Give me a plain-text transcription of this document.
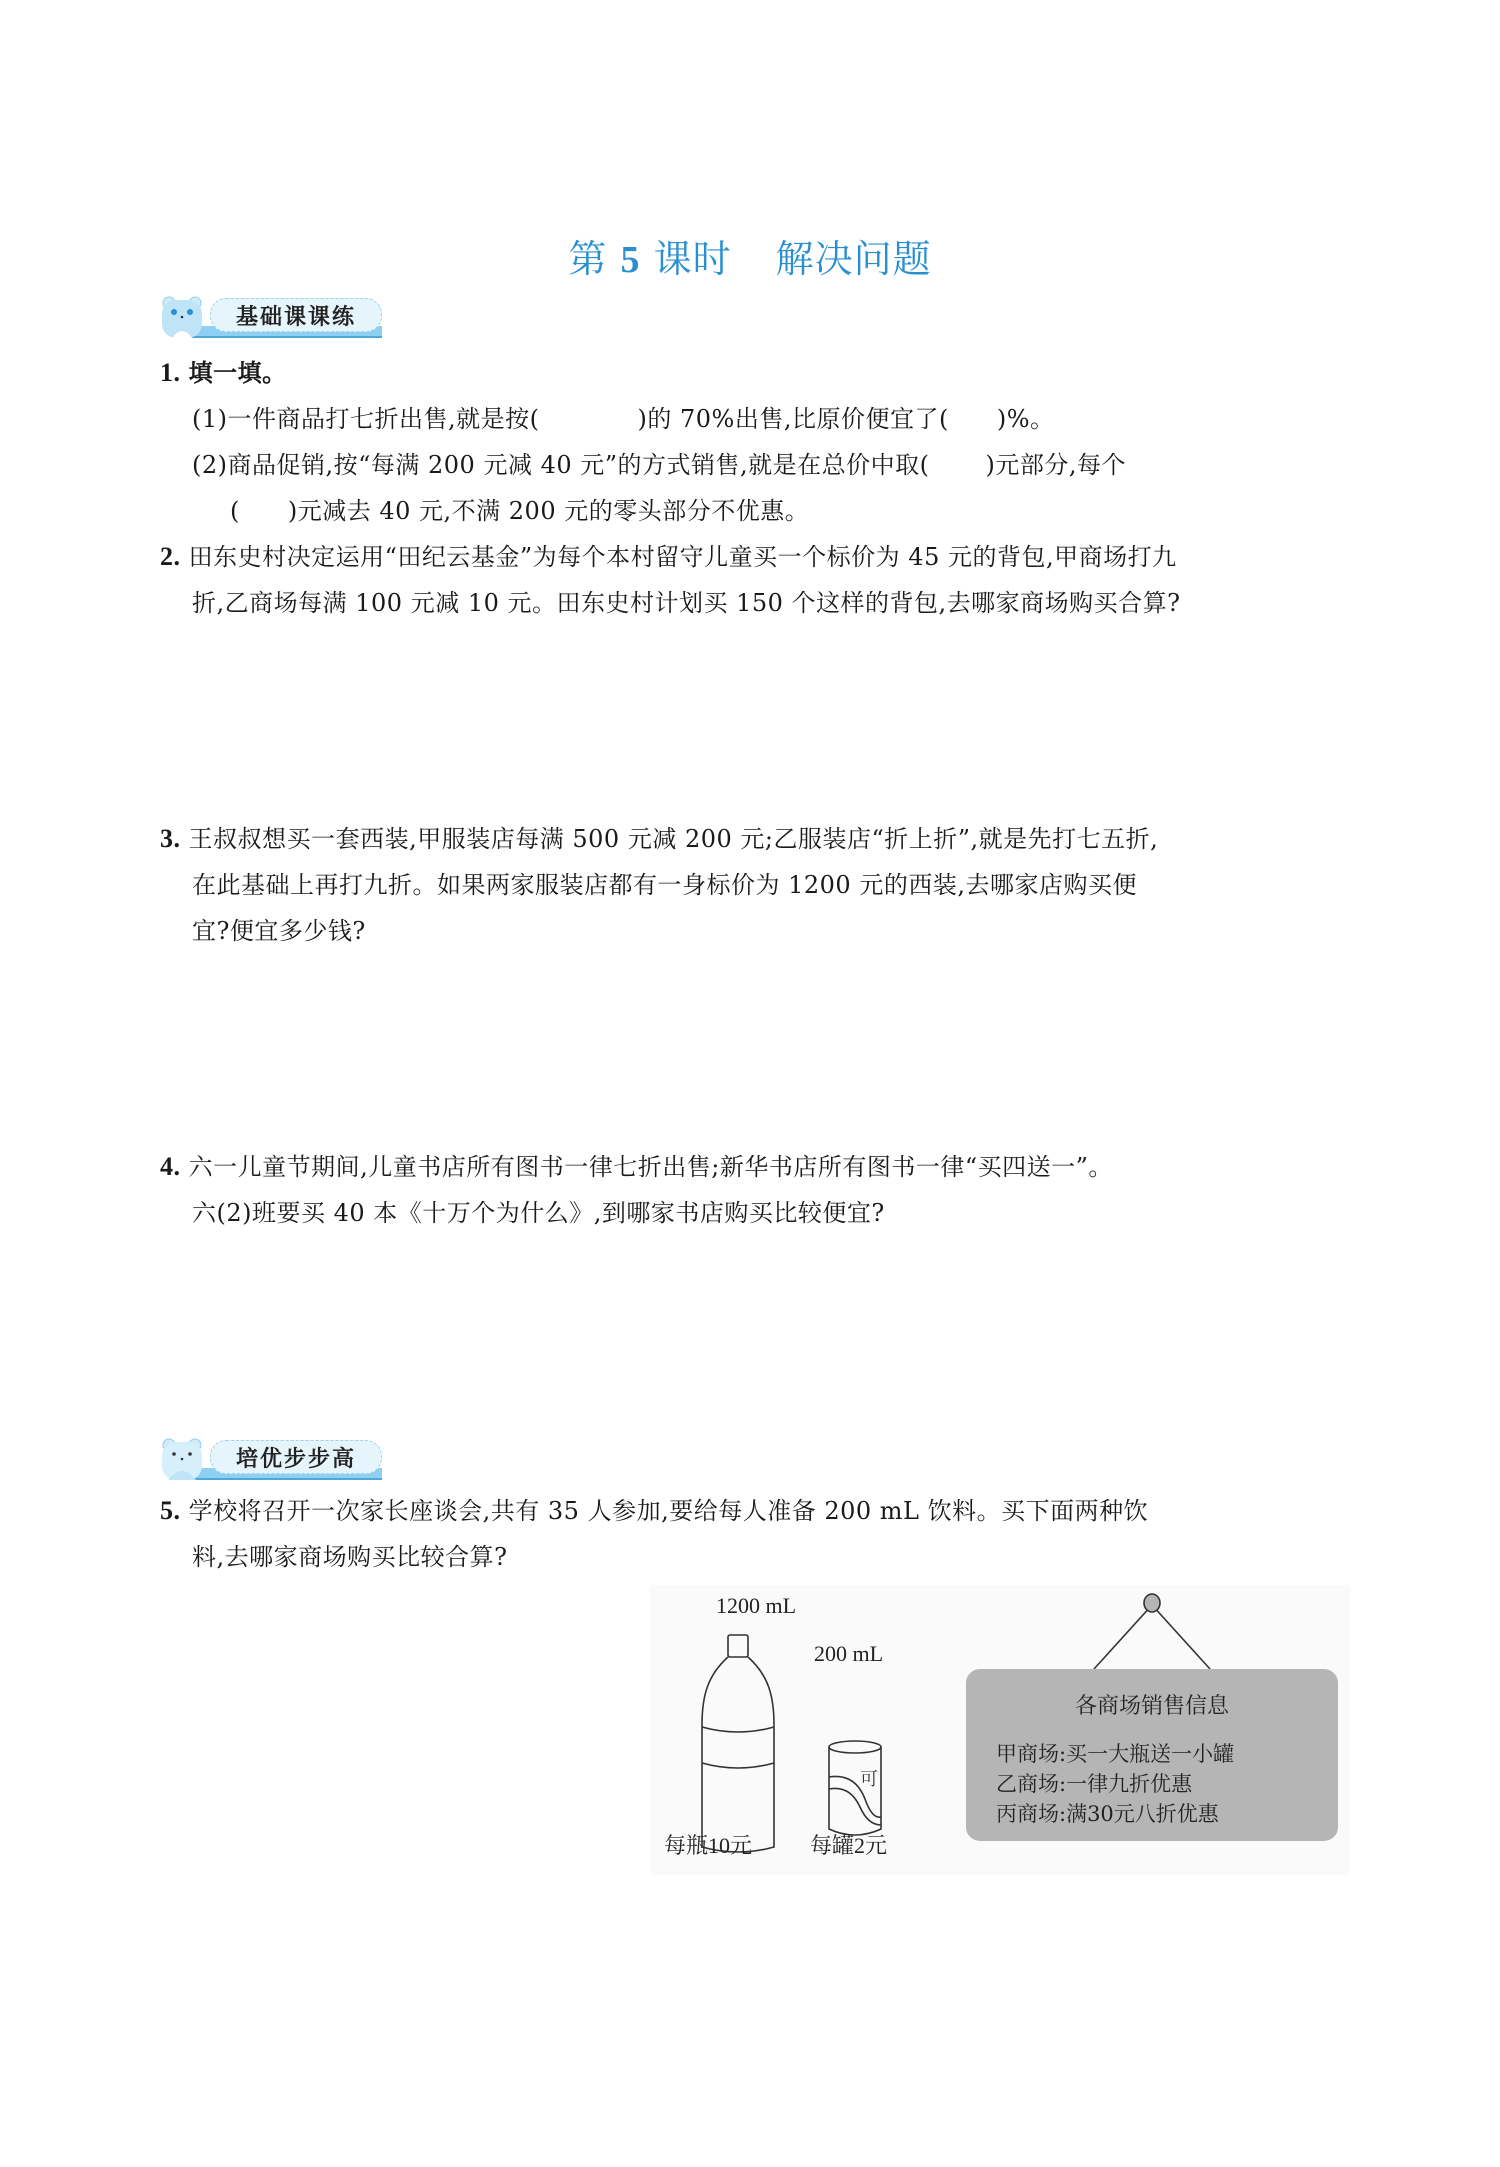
第 5 课时 解决问题
基础课课练
1. 填一填。
(1)一件商品打七折出售,就是按(	)的 70%出售,比原价便宜了( )%。
(2)商品促销,按“每满 200 元减 40 元”的方式销售,就是在总价中取( )元部分,每个
( )元减去 40 元,不满 200 元的零头部分不优惠。
2. 田东史村决定运用“田纪云基金”为每个本村留守儿童买一个标价为 45 元的背包,甲商场打九
折,乙商场每满 100 元减 10 元。田东史村计划买 150 个这样的背包,去哪家商场购买合算?
3. 王叔叔想买一套西装,甲服装店每满 500 元减 200 元;乙服装店“折上折”,就是先打七五折,
在此基础上再打九折。如果两家服装店都有一身标价为 1200 元的西装,去哪家店购买便
宜?便宜多少钱?
4. 六一儿童节期间,儿童书店所有图书一律七折出售;新华书店所有图书一律“买四送一”。
六(2)班要买 40 本《十万个为什么》,到哪家书店购买比较便宜?
培优步步高
5. 学校将召开一次家长座谈会,共有 35 人参加,要给每人准备 200 mL 饮料。买下面两种饮
料,去哪家商场购买比较合算?
可
1200 mL
200 mL
每瓶10元	每罐2元
各商场销售信息
甲商场:买一大瓶送一小罐
乙商场:一律九折优惠
丙商场:满30元八折优惠
